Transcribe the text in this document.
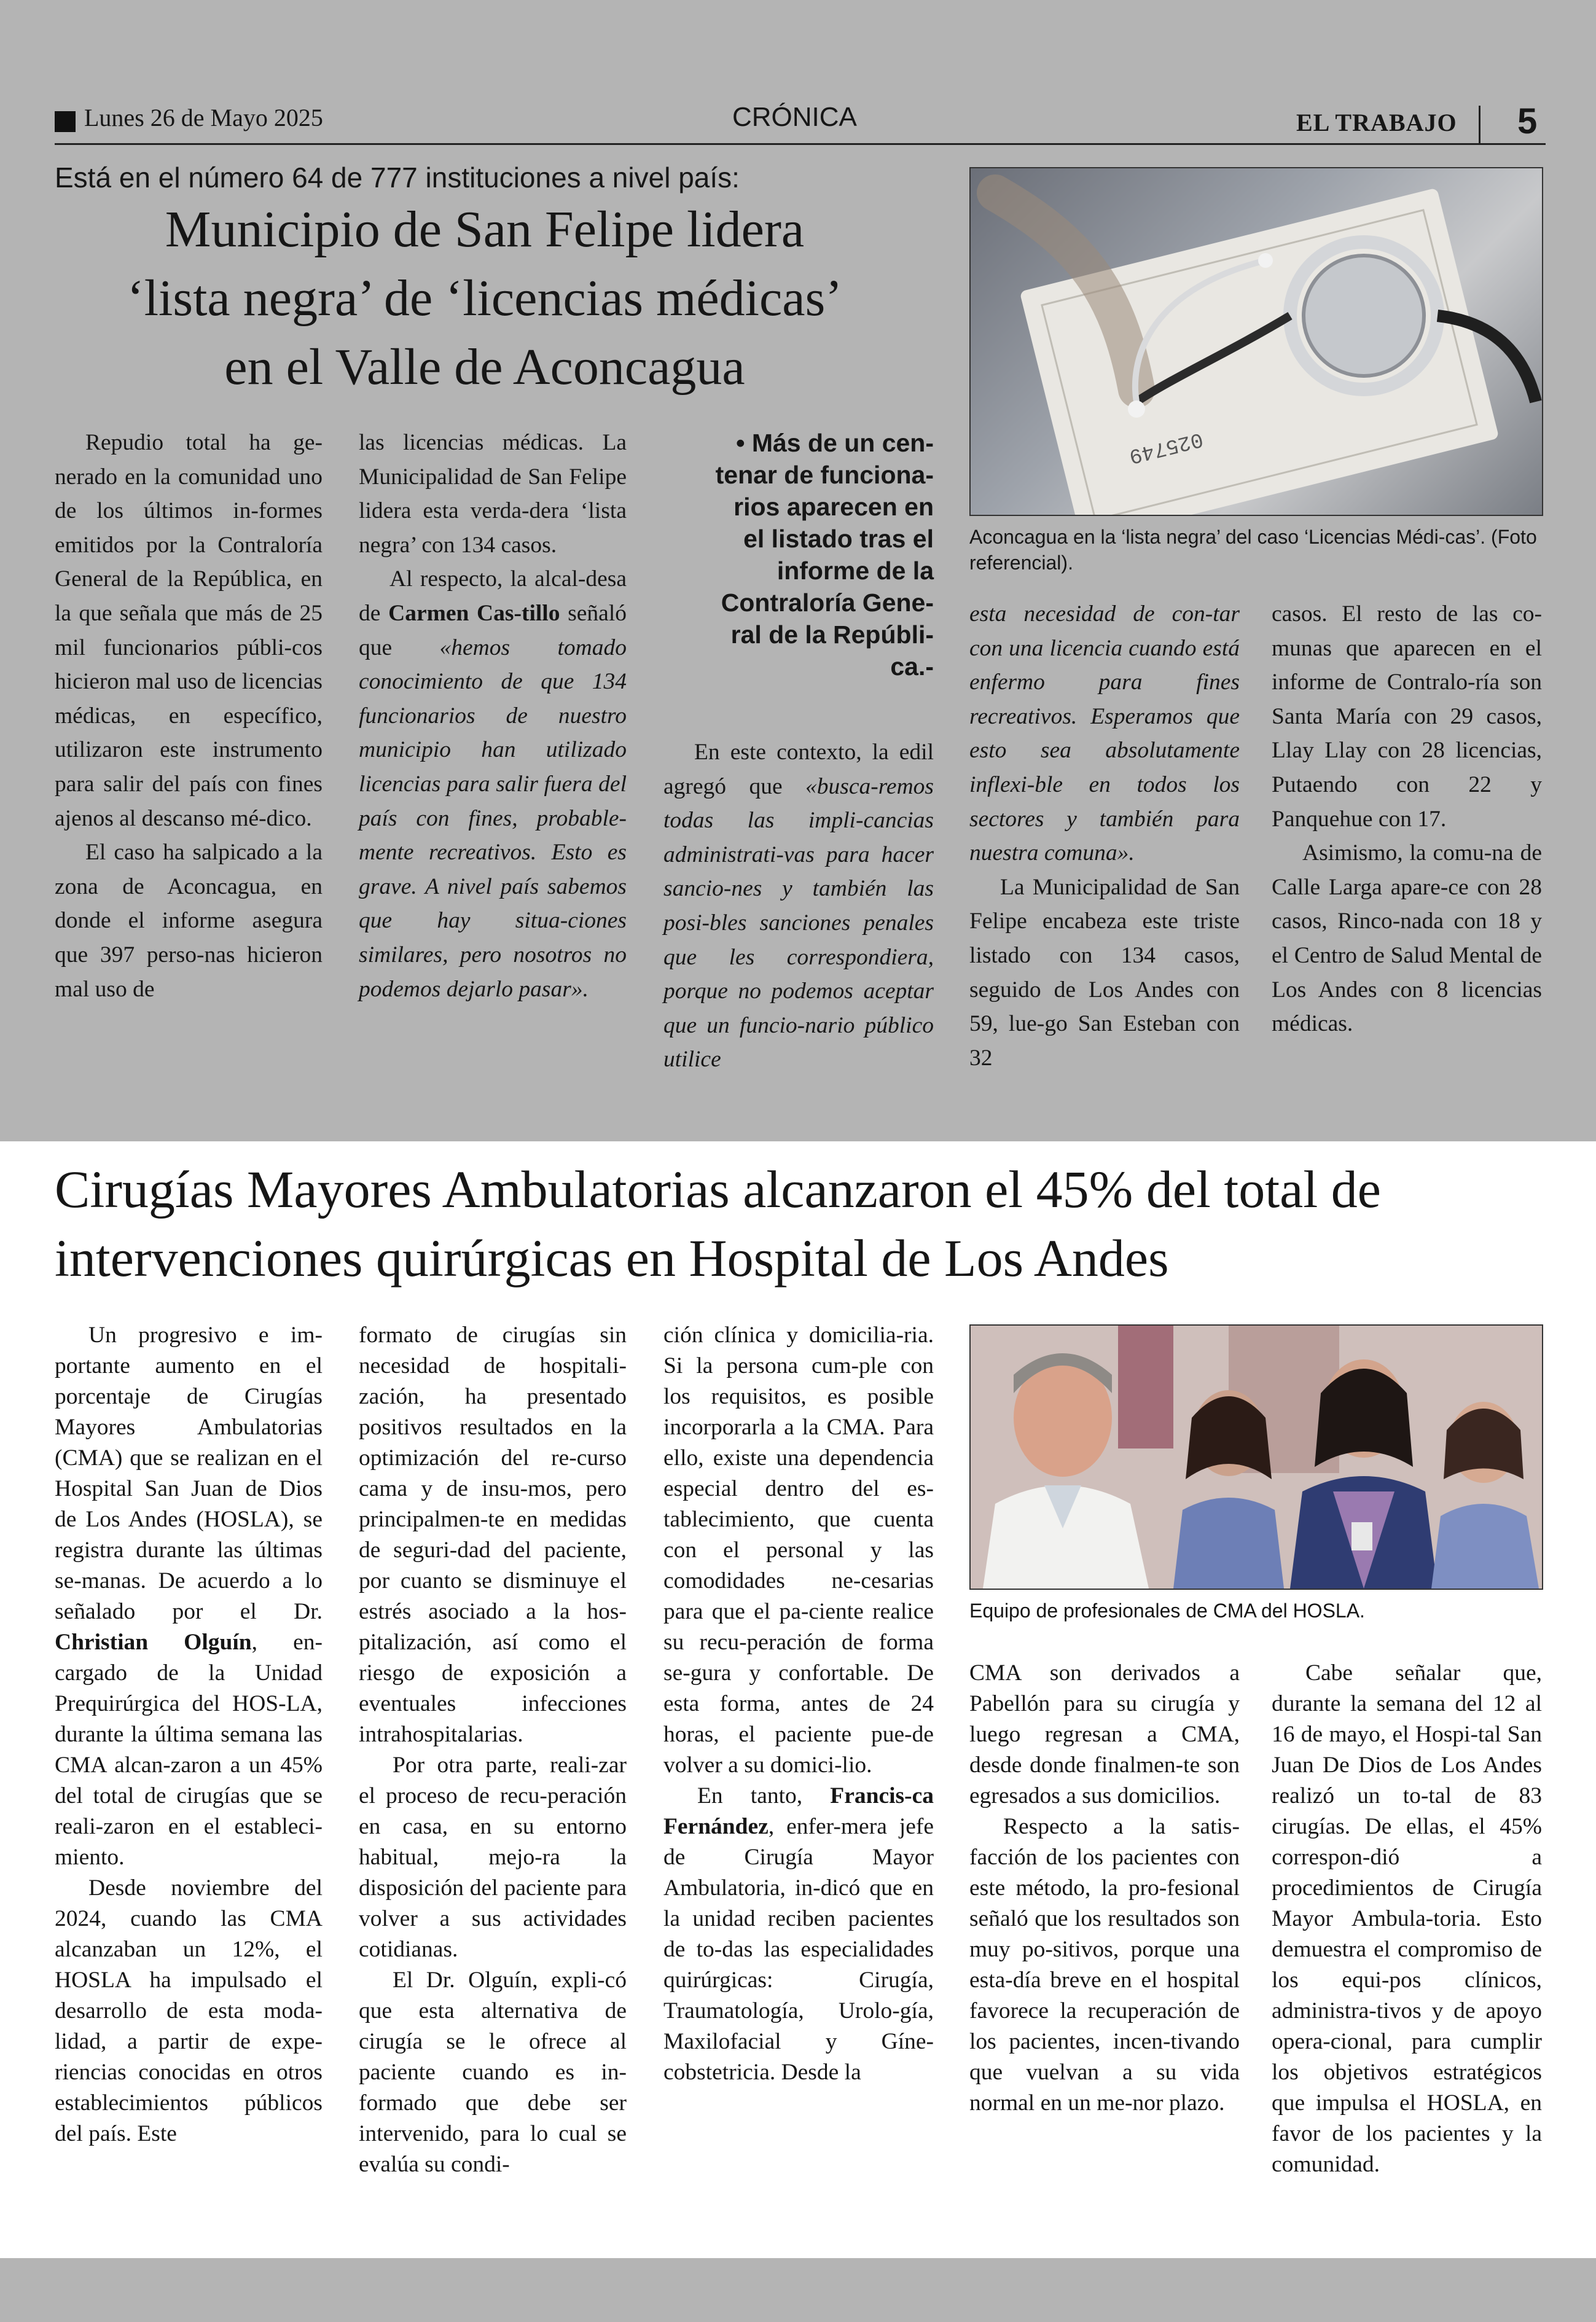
Lunes 26 de Mayo 2025	CRÓNICA	EL TRABAJO 5
Está en el número 64 de 777 instituciones a nivel país:
Municipio de San Felipe lidera
‘lista negra’ de ‘licencias médicas’
en el Valle de Aconcagua
025749
Aconcagua en la ‘lista negra’ del caso ‘Licencias Médi-cas’. (Foto referencial).

Repudio total ha ge-nerado en la comunidad uno de los últimos in-formes emitidos por la Contraloría General de la República, en la que señala que más de 25 mil funcionarios públi-cos hicieron mal uso de licencias médicas, en específico, utilizaron este instrumento para salir del país con fines ajenos al descanso mé-dico.

El caso ha salpicado a la zona de Aconcagua, en donde el informe asegura que 397 perso-nas hicieron mal uso de

las licencias médicas. La Municipalidad de San Felipe lidera esta verda-dera ‘lista negra’ con 134 casos.

Al respecto, la alcal-desa de Carmen Cas-tillo señaló que «hemos tomado conocimiento de que 134 funcionarios de nuestro municipio han utilizado licencias para salir fuera del país con fines, probable-mente recreativos. Esto es grave. A nivel país sabemos que hay situa-ciones similares, pero nosotros no podemos dejarlo pasar».

• Más de un cen-
tenar de funciona-
rios aparecen en
el listado tras el
informe de la
Contraloría Gene-
ral de la Repúbli-
ca.-

En este contexto, la edil agregó que «busca-remos todas las impli-cancias administrati-vas para hacer sancio-nes y también las posi-bles sanciones penales que les correspondiera, porque no podemos aceptar que un funcio-nario público utilice

esta necesidad de con-tar con una licencia cuando está enfermo para fines recreativos. Esperamos que esto sea absolutamente inflexi-ble en todos los sectores y también para nuestra comuna».

La Municipalidad de San Felipe encabeza este triste listado con 134 casos, seguido de Los Andes con 59, lue-go San Esteban con 32

casos. El resto de las co-munas que aparecen en el informe de Contralo-ría son Santa María con 29 casos, Llay Llay con 28 licencias, Putaendo con 22 y Panquehue con 17.

Asimismo, la comu-na de Calle Larga apare-ce con 28 casos, Rinco-nada con 18 y el Centro de Salud Mental de Los Andes con 8 licencias médicas.

Cirugías Mayores Ambulatorias alcanzaron el 45% del total de
intervenciones quirúrgicas en Hospital de Los Andes
Equipo de profesionales de CMA del HOSLA.

Un progresivo e im-portante aumento en el porcentaje de Cirugías Mayores Ambulatorias (CMA) que se realizan en el Hospital San Juan de Dios de Los Andes (HOSLA), se registra durante las últimas se-manas. De acuerdo a lo señalado por el Dr. Christian Olguín, en-cargado de la Unidad Prequirúrgica del HOS-LA, durante la última semana las CMA alcan-zaron a un 45% del total de cirugías que se reali-zaron en el estableci-miento.

Desde noviembre del 2024, cuando las CMA alcanzaban un 12%, el HOSLA ha impulsado el desarrollo de esta moda-lidad, a partir de expe-riencias conocidas en otros establecimientos públicos del país. Este

formato de cirugías sin necesidad de hospitali-zación, ha presentado positivos resultados en la optimización del re-curso cama y de insu-mos, pero principalmen-te en medidas de seguri-dad del paciente, por cuanto se disminuye el estrés asociado a la hos-pitalización, así como el riesgo de exposición a eventuales infecciones intrahospitalarias.

Por otra parte, reali-zar el proceso de recu-peración en casa, en su entorno habitual, mejo-ra la disposición del paciente para volver a sus actividades cotidianas.

El Dr. Olguín, expli-có que esta alternativa de cirugía se le ofrece al paciente cuando es in-formado que debe ser intervenido, para lo cual se evalúa su condi-

ción clínica y domicilia-ria. Si la persona cum-ple con los requisitos, es posible incorporarla a la CMA. Para ello, existe una dependencia especial dentro del es-tablecimiento, que cuenta con el personal y las comodidades ne-cesarias para que el pa-ciente realice su recu-peración de forma se-gura y confortable. De esta forma, antes de 24 horas, el paciente pue-de volver a su domici-lio.

En tanto, Francis-ca Fernández, enfer-mera jefe de Cirugía Mayor Ambulatoria, in-dicó que en la unidad reciben pacientes de to-das las especialidades quirúrgicas: Cirugía, Traumatología, Urolo-gía, Maxilofacial y Gíne-cobstetricia. Desde la

CMA son derivados a Pabellón para su cirugía y luego regresan a CMA, desde donde finalmen-te son egresados a sus domicilios.

Respecto a la satis-facción de los pacientes con este método, la pro-fesional señaló que los resultados son muy po-sitivos, porque una esta-día breve en el hospital favorece la recuperación de los pacientes, incen-tivando que vuelvan a su vida normal en un me-nor plazo.

Cabe señalar que, durante la semana del 12 al 16 de mayo, el Hospi-tal San Juan De Dios de Los Andes realizó un to-tal de 83 cirugías. De ellas, el 45% correspon-dió a procedimientos de Cirugía Mayor Ambula-toria. Esto demuestra el compromiso de los equi-pos clínicos, administra-tivos y de apoyo opera-cional, para cumplir los objetivos estratégicos que impulsa el HOSLA, en favor de los pacientes y la comunidad.
